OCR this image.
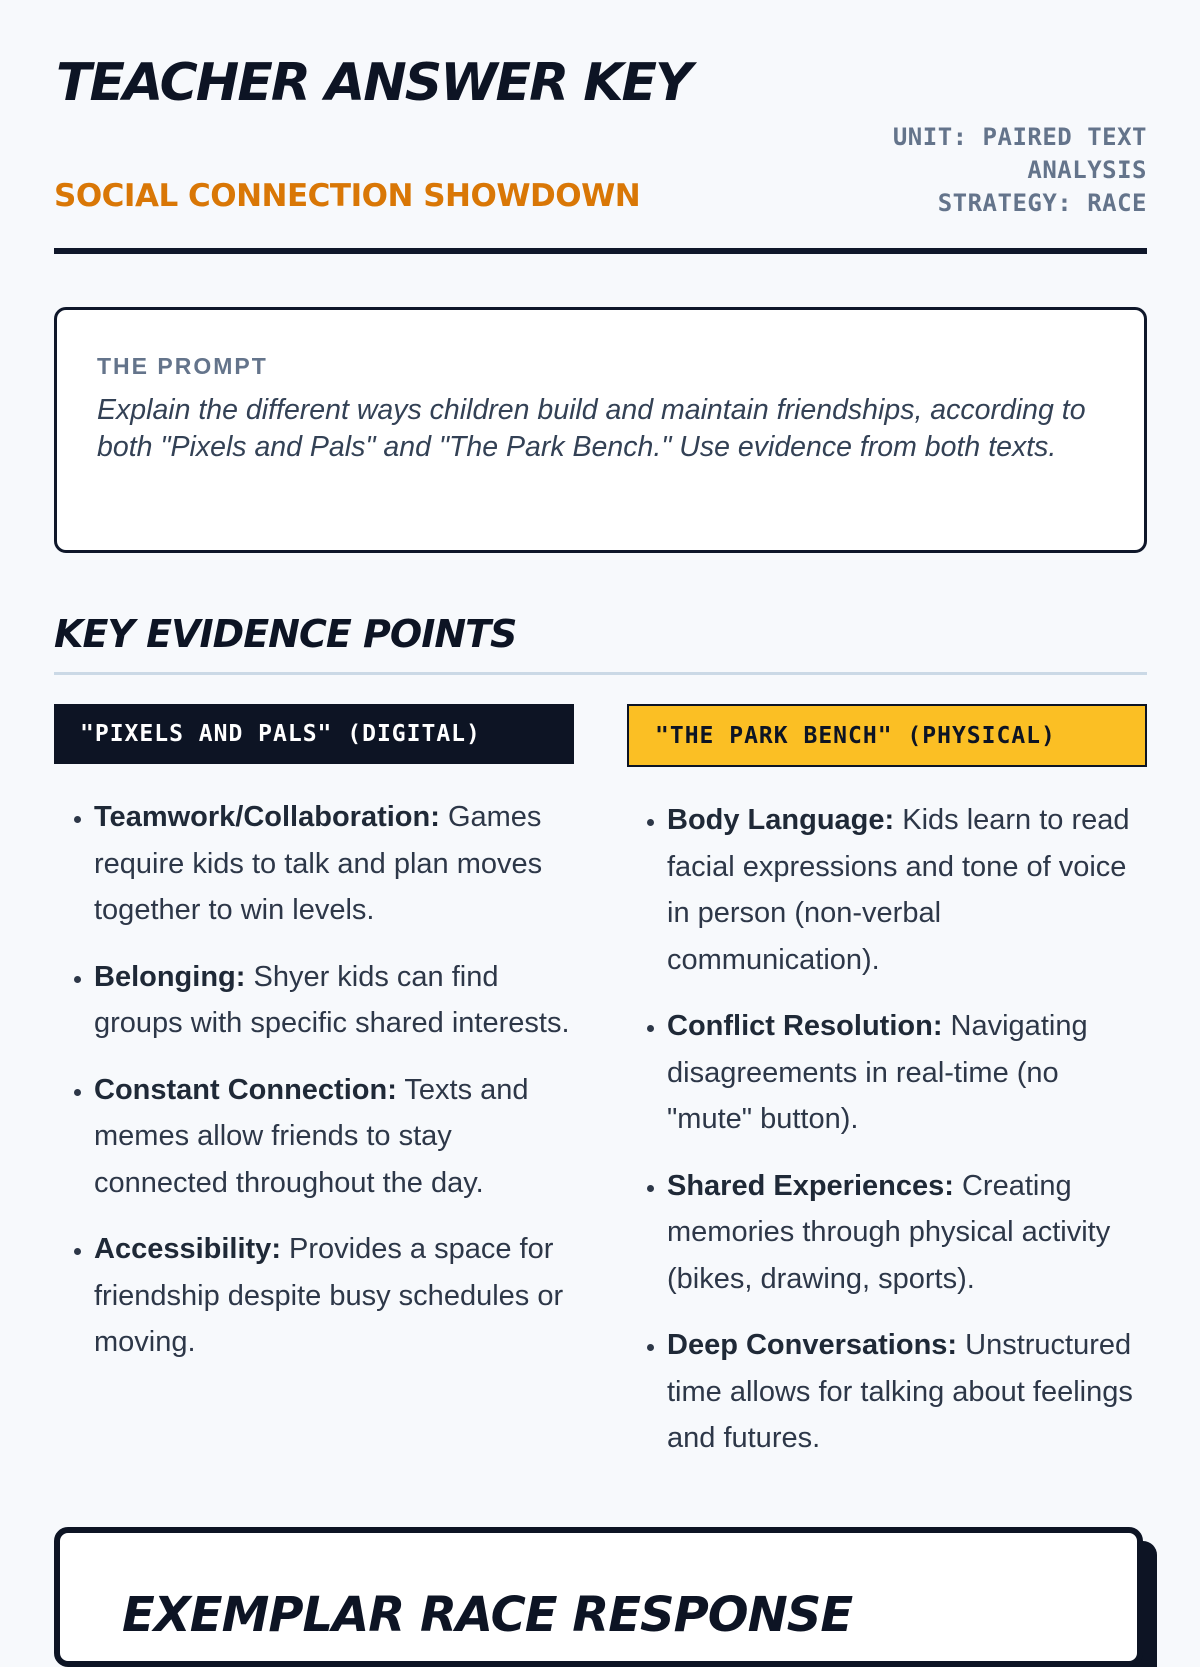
TEACHER ANSWER KEY
SOCIAL CONNECTION SHOWDOWN
UNIT: PAIRED TEXT ANALYSIS
STRATEGY: RACE
THE PROMPT

Explain the different ways children build and maintain friendships, according to both "Pixels and Pals" and "The Park Bench." Use evidence from both texts.

KEY EVIDENCE POINTS
"PIXELS AND PALS" (DIGITAL)
• Teamwork/Collaboration: Games require kids to talk and plan moves together to win levels.
• Belonging: Shyer kids can find groups with specific shared interests.
• Constant Connection: Texts and memes allow friends to stay connected throughout the day.
• Accessibility: Provides a space for friendship despite busy schedules or moving.
"THE PARK BENCH" (PHYSICAL)
• Body Language: Kids learn to read facial expressions and tone of voice in person (non-verbal communication).
• Conflict Resolution: Navigating disagreements in real-time (no "mute" button).
• Shared Experiences: Creating memories through physical activity (bikes, drawing, sports).
• Deep Conversations: Unstructured time allows for talking about feelings and futures.
EXEMPLAR RACE RESPONSE
